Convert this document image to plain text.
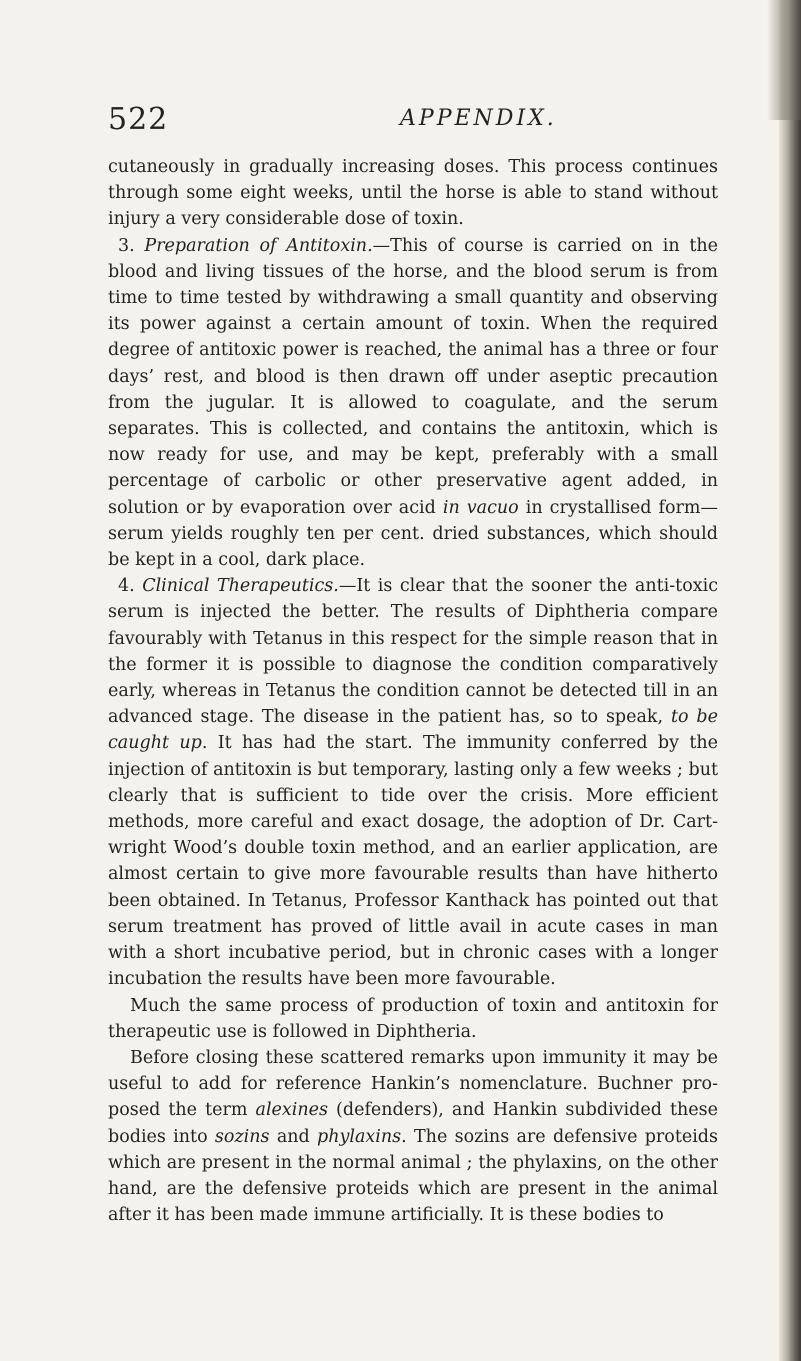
522	APPENDIX.

cutaneously in gradually increasing doses. This process continues through some eight weeks, until the horse is able to stand without injury a very considerable dose of toxin.

3. Preparation of Antitoxin.—This of course is carried on in the blood and living tissues of the horse, and the blood serum is from time to time tested by withdrawing a small quantity and observing its power against a certain amount of toxin. When the required degree of antitoxic power is reached, the animal has a three or four days’ rest, and blood is then drawn off under aseptic precaution from the jugular. It is allowed to coagulate, and the serum separates. This is collected, and contains the antitoxin, which is now ready for use, and may be kept, preferably with a small percentage of carbolic or other preservative agent added, in solution or by evaporation over acid in vacuo in crystallised form—serum yields roughly ten per cent. dried substances, which should be kept in a cool, dark place.

4. Clinical Therapeutics.—It is clear that the sooner the anti-toxic serum is injected the better. The results of Diphtheria compare favourably with Tetanus in this respect for the simple reason that in the former it is possible to diagnose the condition comparatively early, whereas in Tetanus the condition cannot be detected till in an advanced stage. The disease in the patient has, so to speak, to be caught up. It has had the start. The immunity conferred by the injection of antitoxin is but temporary, lasting only a few weeks ; but clearly that is sufficient to tide over the crisis. More efficient methods, more careful and exact dosage, the adoption of Dr. Cart-wright Wood’s double toxin method, and an earlier application, are almost certain to give more favourable results than have hitherto been obtained. In Tetanus, Professor Kanthack has pointed out that serum treatment has proved of little avail in acute cases in man with a short incubative period, but in chronic cases with a longer incubation the results have been more favourable.

Much the same process of production of toxin and antitoxin for therapeutic use is followed in Diphtheria.

Before closing these scattered remarks upon immunity it may be useful to add for reference Hankin’s nomenclature. Buchner pro-posed the term alexines (defenders), and Hankin subdivided these bodies into sozins and phylaxins. The sozins are defensive proteids which are present in the normal animal ; the phylaxins, on the other hand, are the defensive proteids which are present in the animal after it has been made immune artificially. It is these bodies to
